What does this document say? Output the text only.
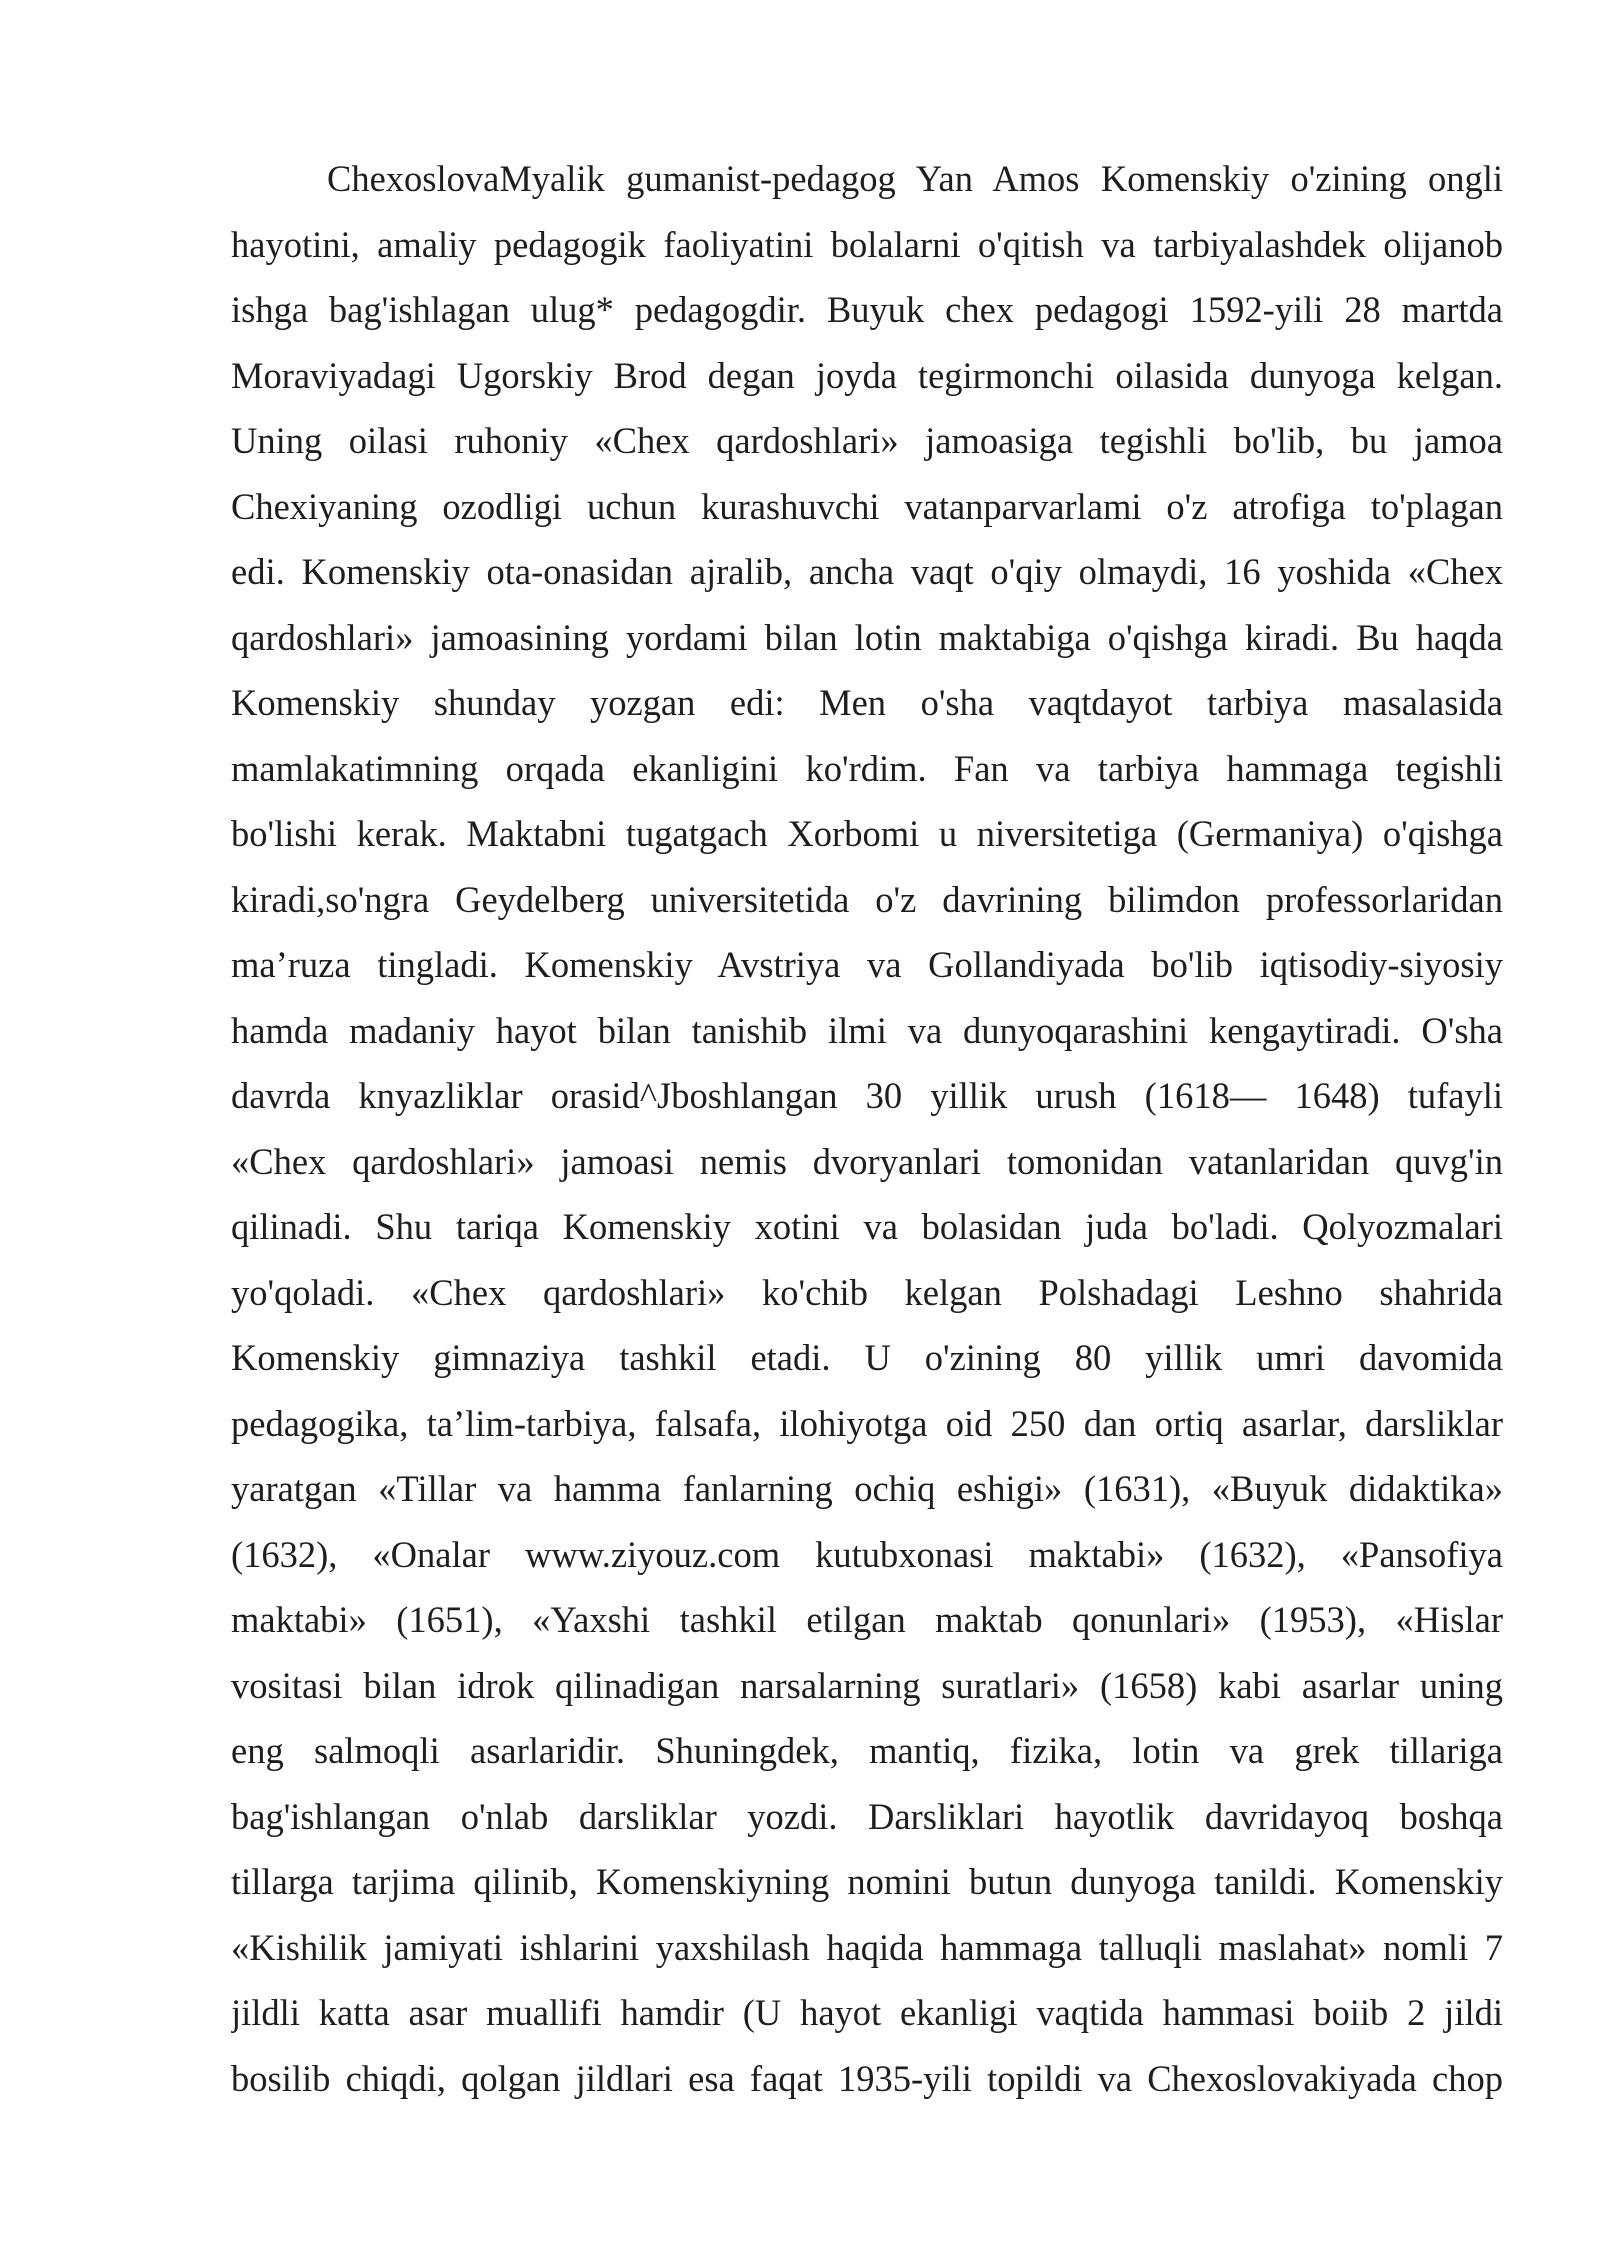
ChexoslovaMyalik gumanist-pedagog Yan Amos Komenskiy o'zining ongli
hayotini, amaliy pedagogik faoliyatini bolalarni o'qitish va tarbiyalashdek olijanob
ishga bag'ishlagan ulug* pedagogdir. Buyuk chex pedagogi 1592-yili 28 martda
Moraviyadagi Ugorskiy Brod degan joyda tegirmonchi oilasida dunyoga kelgan.
Uning oilasi ruhoniy «Chex qardoshlari» jamoasiga tegishli bo'lib, bu jamoa
Chexiyaning ozodligi uchun kurashuvchi vatanparvarlami o'z atrofiga to'plagan
edi. Komenskiy ota-onasidan ajralib, ancha vaqt o'qiy olmaydi, 16 yoshida «Chex
qardoshlari» jamoasining yordami bilan lotin maktabiga o'qishga kiradi. Bu haqda
Komenskiy shunday yozgan edi: Men o'sha vaqtdayot tarbiya masalasida
mamlakatimning orqada ekanligini ko'rdim. Fan va tarbiya hammaga tegishli
bo'lishi kerak. Maktabni tugatgach Xorbomi u niversitetiga (Germaniya) o'qishga
kiradi,so'ngra Geydelberg universitetida o'z davrining bilimdon professorlaridan
ma’ruza tingladi. Komenskiy Avstriya va Gollandiyada bo'lib iqtisodiy-siyosiy
hamda madaniy hayot bilan tanishib ilmi va dunyoqarashini kengaytiradi. O'sha
davrda knyazliklar orasid^Jboshlangan 30 yillik urush (1618— 1648) tufayli
«Chex qardoshlari» jamoasi nemis dvoryanlari tomonidan vatanlaridan quvg'in
qilinadi. Shu tariqa Komenskiy xotini va bolasidan juda bo'ladi. Qolyozmalari
yo'qoladi. «Chex qardoshlari» ko'chib kelgan Polshadagi Leshno shahrida
Komenskiy gimnaziya tashkil etadi. U o'zining 80 yillik umri davomida
pedagogika, ta’lim-tarbiya, falsafa, ilohiyotga oid 250 dan ortiq asarlar, darsliklar
yaratgan «Tillar va hamma fanlarning ochiq eshigi» (1631), «Buyuk didaktika»
(1632), «Onalar www.ziyouz.com kutubxonasi maktabi» (1632), «Pansofiya
maktabi» (1651), «Yaxshi tashkil etilgan maktab qonunlari» (1953), «Hislar
vositasi bilan idrok qilinadigan narsalarning suratlari» (1658) kabi asarlar uning
eng salmoqli asarlaridir. Shuningdek, mantiq, fizika, lotin va grek tillariga
bag'ishlangan o'nlab darsliklar yozdi. Darsliklari hayotlik davridayoq boshqa
tillarga tarjima qilinib, Komenskiyning nomini butun dunyoga tanildi. Komenskiy
«Kishilik jamiyati ishlarini yaxshilash haqida hammaga talluqli maslahat» nomli 7
jildli katta asar muallifi hamdir (U hayot ekanligi vaqtida hammasi boiib 2 jildi
bosilib chiqdi, qolgan jildlari esa faqat 1935-yili topildi va Chexoslovakiyada chop
